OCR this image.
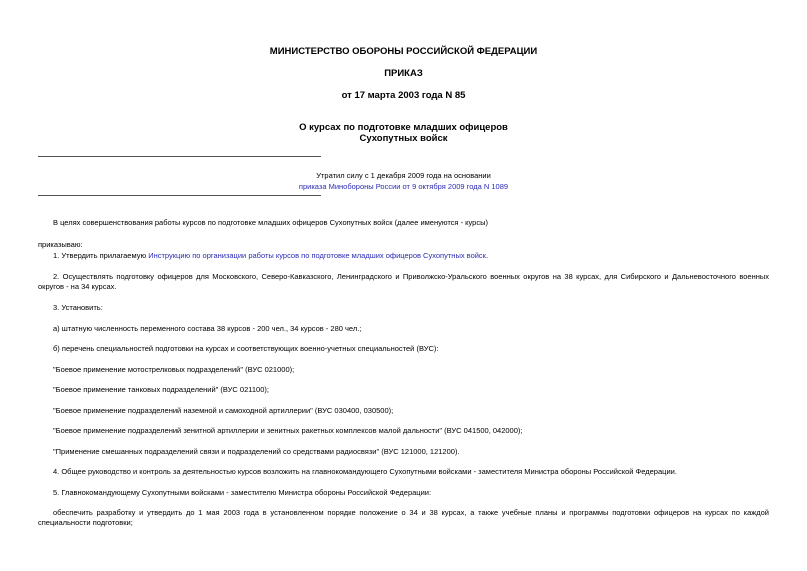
МИНИСТЕРСТВО ОБОРОНЫ РОССИЙСКОЙ ФЕДЕРАЦИИ
ПРИКАЗ
от 17 марта 2003 года N 85
О курсах по подготовке младших офицеров
Сухопутных войск
Утратил силу с 1 декабря 2009 года на основании
приказа Минобороны России от 9 октября 2009 года N 1089
В целях совершенствования работы курсов по подготовке младших офицеров Сухопутных войск (далее именуются - курсы)
приказываю:
1. Утвердить прилагаемую Инструкцию по организации работы курсов по подготовке младших офицеров Сухопутных войск.
2. Осуществлять подготовку офицеров для Московского, Северо-Кавказского, Ленинградского и Приволжско-Уральского военных округов на 38 курсах, для Сибирского и Дальневосточного военных округов - на 34 курсах.
3. Установить:
а) штатную численность переменного состава 38 курсов - 200 чел., 34 курсов - 280 чел.;
б) перечень специальностей подготовки на курсах и соответствующих военно-учетных специальностей (ВУС):
"Боевое применение мотострелковых подразделений" (ВУС 021000);
"Боевое применение танковых подразделений" (ВУС 021100);
"Боевое применение подразделений наземной и самоходной артиллерии" (ВУС 030400, 030500);
"Боевое применение подразделений зенитной артиллерии и зенитных ракетных комплексов малой дальности" (ВУС 041500, 042000);
"Применение смешанных подразделений связи и подразделений со средствами радиосвязи" (ВУС 121000, 121200).
4. Общее руководство и контроль за деятельностью курсов возложить на главнокомандующего Сухопутными войсками - заместителя Министра обороны Российской Федерации.
5. Главнокомандующему Сухопутными войсками - заместителю Министра обороны Российской Федерации:
обеспечить разработку и утвердить до 1 мая 2003 года в установленном порядке положение о 34 и 38 курсах, а также учебные планы и программы подготовки офицеров на курсах по каждой специальности подготовки;
